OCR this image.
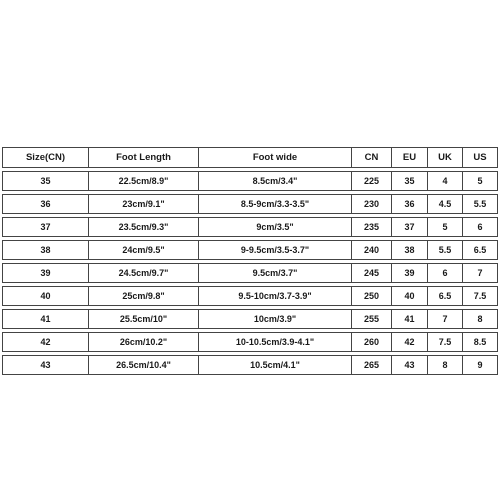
Size(CN)	Foot Length	Foot wide	CN	EU	UK	US
35	22.5cm/8.9"	8.5cm/3.4"	225	35	4	5
36	23cm/9.1"	8.5-9cm/3.3-3.5"	230	36	4.5	5.5
37	23.5cm/9.3"	9cm/3.5"	235	37	5	6
38	24cm/9.5"	9-9.5cm/3.5-3.7"	240	38	5.5	6.5
39	24.5cm/9.7"	9.5cm/3.7"	245	39	6	7
40	25cm/9.8"	9.5-10cm/3.7-3.9"	250	40	6.5	7.5
41	25.5cm/10"	10cm/3.9"	255	41	7	8
42	26cm/10.2"	10-10.5cm/3.9-4.1"	260	42	7.5	8.5
43	26.5cm/10.4"	10.5cm/4.1"	265	43	8	9
